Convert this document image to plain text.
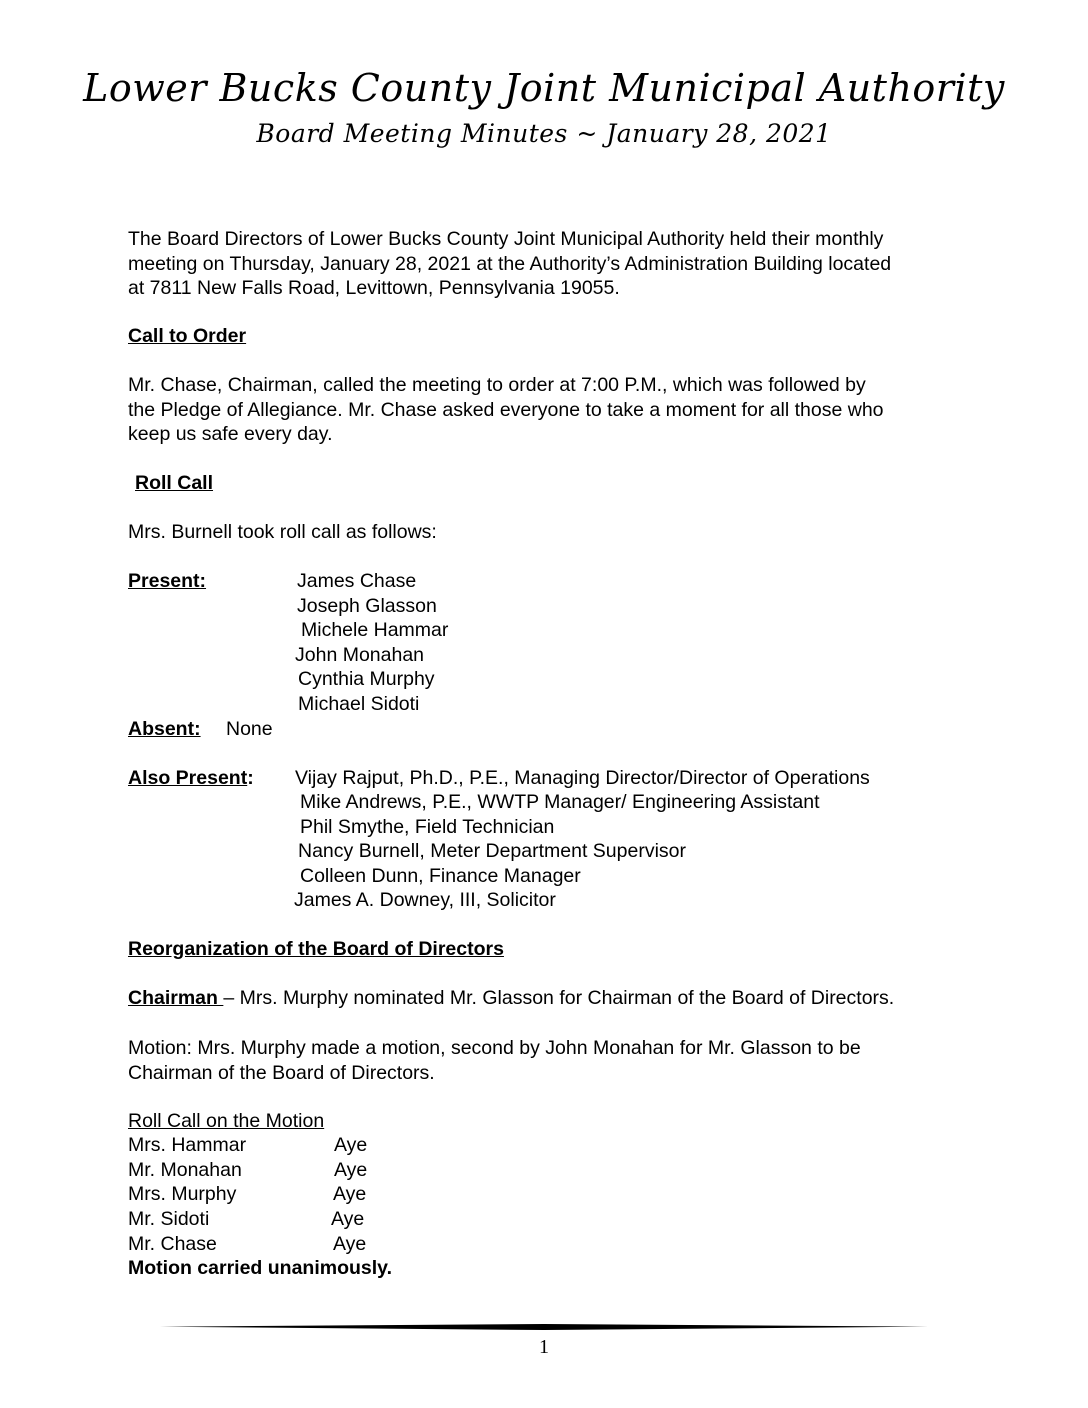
Lower Bucks County Joint Municipal Authority
Board Meeting Minutes ~ January 28, 2021
The Board Directors of Lower Bucks County Joint Municipal Authority held their monthly
meeting on Thursday, January 28, 2021 at the Authority’s Administration Building located
at 7811 New Falls Road, Levittown, Pennsylvania 19055.
Call to Order
Mr. Chase, Chairman, called the meeting to order at 7:00 P.M., which was followed by
the Pledge of Allegiance. Mr. Chase asked everyone to take a moment for all those who
keep us safe every day.
Roll Call
Mrs. Burnell took roll call as follows:
Present:	James Chase
Joseph Glasson
Michele Hammar
John Monahan
Cynthia Murphy
Michael Sidoti
Absent: None
Also Present: Vijay Rajput, Ph.D., P.E., Managing Director/Director of Operations
Mike Andrews, P.E., WWTP Manager/ Engineering Assistant
Phil Smythe, Field Technician
Nancy Burnell, Meter Department Supervisor
Colleen Dunn, Finance Manager
James A. Downey, III, Solicitor
Reorganization of the Board of Directors
Chairman – Mrs. Murphy nominated Mr. Glasson for Chairman of the Board of Directors.
Motion: Mrs. Murphy made a motion, second by John Monahan for Mr. Glasson to be
Chairman of the Board of Directors.
Roll Call on the Motion
Mrs. Hammar	Aye
Mr. Monahan	Aye
Mrs. Murphy	Aye
Mr. Sidoti	Aye
Mr. Chase	Aye
Motion carried unanimously.
1
